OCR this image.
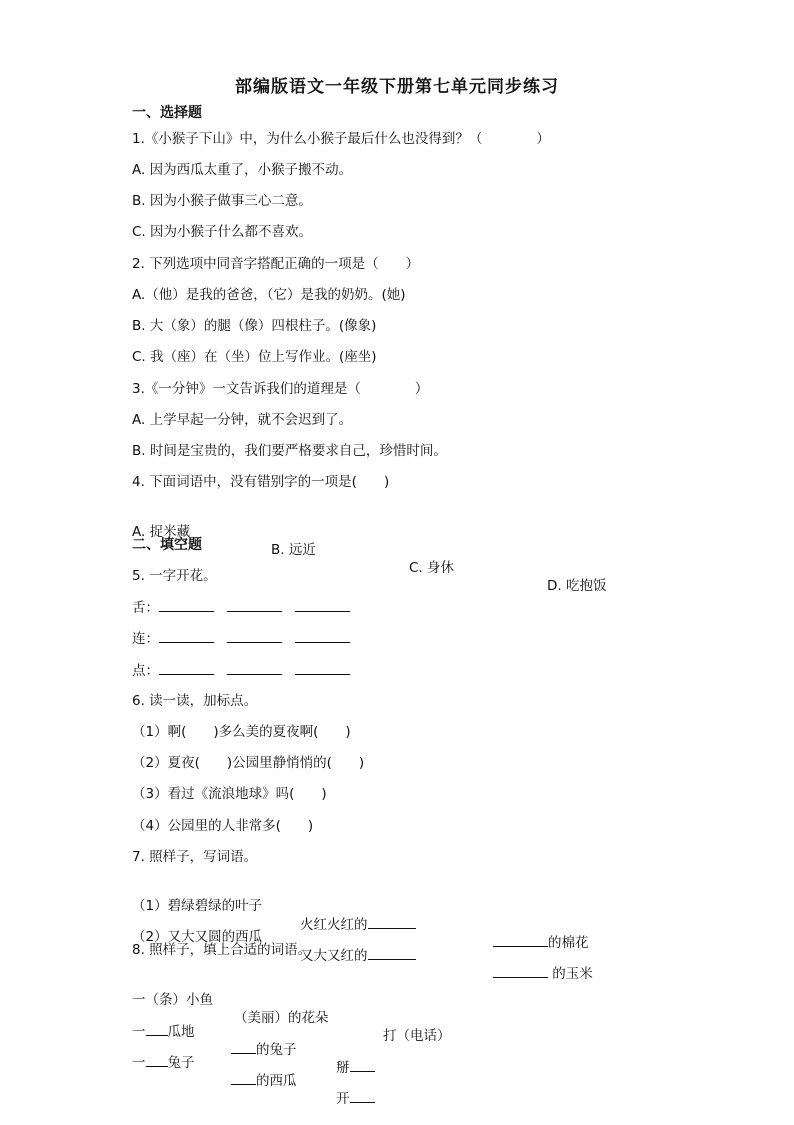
部编版语文一年级下册第七单元同步练习
一、选择题
1.《小猴子下山》中，为什么小猴子最后什么也没得到？（　　　　）
A. 因为西瓜太重了，小猴子搬不动。
B. 因为小猴子做事三心二意。
C. 因为小猴子什么都不喜欢。
2. 下列选项中同音字搭配正确的一项是（　　）
A.（他）是我的爸爸，（它）是我的奶奶。(她)
B. 大（象）的腿（像）四根柱子。(像象)
C. 我（座）在（坐）位上写作业。(座坐)
3.《一分钟》一文告诉我们的道理是（　　　　）
A. 上学早起一分钟，就不会迟到了。
B. 时间是宝贵的，我们要严格要求自己，珍惜时间。
4. 下面词语中，没有错别字的一项是(　　)

A. 捉米藏

B. 远近

C. 身休

D. 吃抱饭

二、填空题
5. 一字开花。
舌：
连：
点：
6. 读一读，加标点。
（1）啊(　　)多么美的夏夜啊(　　)
（2）夏夜(　　)公园里静悄悄的(　　)
（3）看过《流浪地球》吗(　　)
（4）公园里的人非常多(　　)
7. 照样子，写词语。

（1）碧绿碧绿的叶子

火红火红的

的棉花

（2）又大又圆的西瓜

又大又红的

的玉米

8. 照样子，填上合适的词语。

一（条）小鱼

（美丽）的花朵

打（电话）

一 瓜地

的兔子

掰

一 兔子

的西瓜

开
